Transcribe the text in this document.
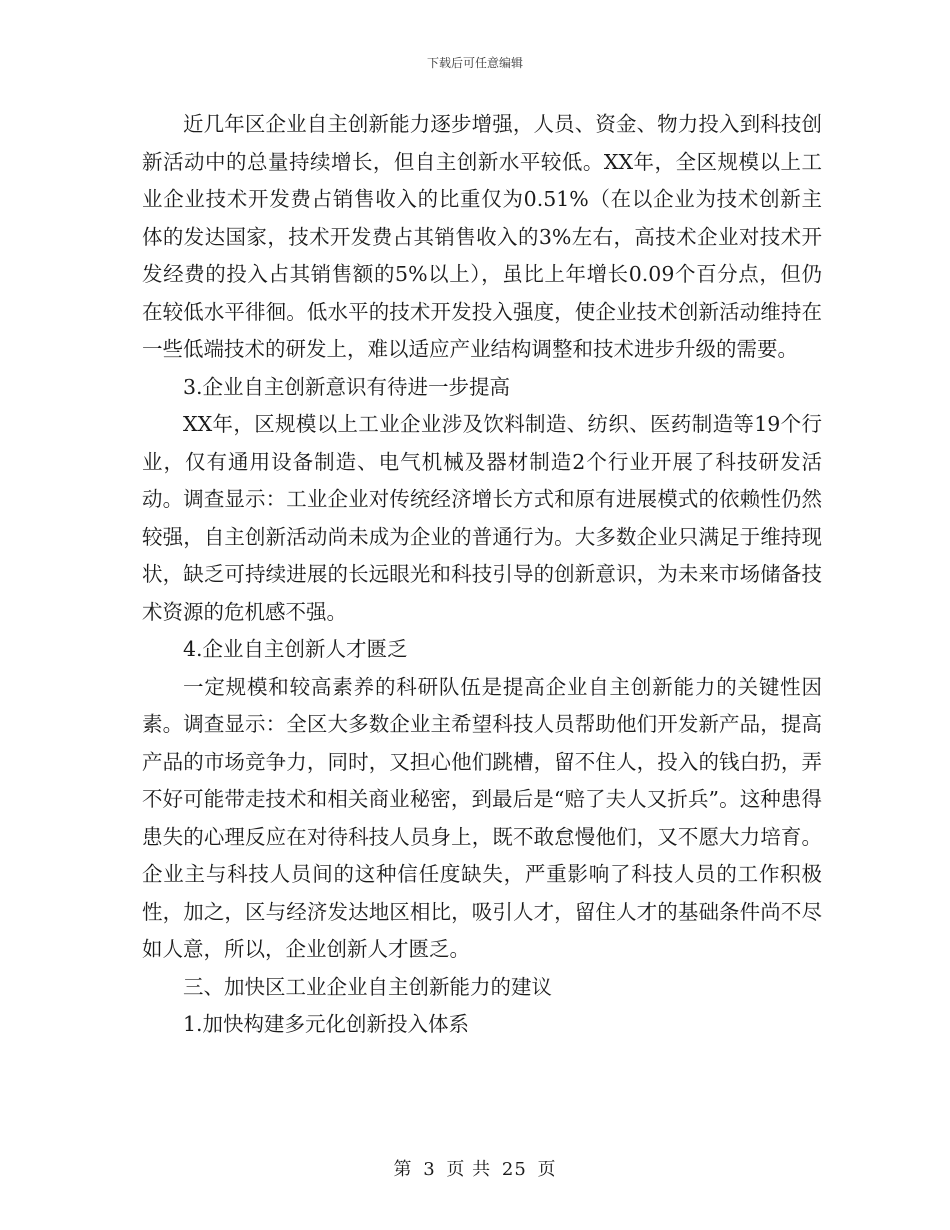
下载后可任意编辑

近几年区企业自主创新能力逐步增强，人员、资金、物力投入到科技创新活动中的总量持续增长，但自主创新水平较低。XX年，全区规模以上工业企业技术开发费占销售收入的比重仅为0.51%（在以企业为技术创新主体的发达国家，技术开发费占其销售收入的3%左右，高技术企业对技术开发经费的投入占其销售额的5%以上），虽比上年增长0.09个百分点，但仍在较低水平徘徊。低水平的技术开发投入强度，使企业技术创新活动维持在一些低端技术的研发上，难以适应产业结构调整和技术进步升级的需要。

3.企业自主创新意识有待进一步提高

XX年，区规模以上工业企业涉及饮料制造、纺织、医药制造等19个行业，仅有通用设备制造、电气机械及器材制造2个行业开展了科技研发活动。调查显示：工业企业对传统经济增长方式和原有进展模式的依赖性仍然较强，自主创新活动尚未成为企业的普通行为。大多数企业只满足于维持现状，缺乏可持续进展的长远眼光和科技引导的创新意识，为未来市场储备技术资源的危机感不强。

4.企业自主创新人才匮乏

一定规模和较高素养的科研队伍是提高企业自主创新能力的关键性因素。调查显示：全区大多数企业主希望科技人员帮助他们开发新产品，提高产品的市场竞争力，同时，又担心他们跳槽，留不住人，投入的钱白扔，弄不好可能带走技术和相关商业秘密，到最后是“赔了夫人又折兵”。这种患得患失的心理反应在对待科技人员身上，既不敢怠慢他们，又不愿大力培育。企业主与科技人员间的这种信任度缺失，严重影响了科技人员的工作积极性，加之，区与经济发达地区相比，吸引人才，留住人才的基础条件尚不尽如人意，所以，企业创新人才匮乏。

三、加快区工业企业自主创新能力的建议

1.加快构建多元化创新投入体系

第 3 页 共 25 页
